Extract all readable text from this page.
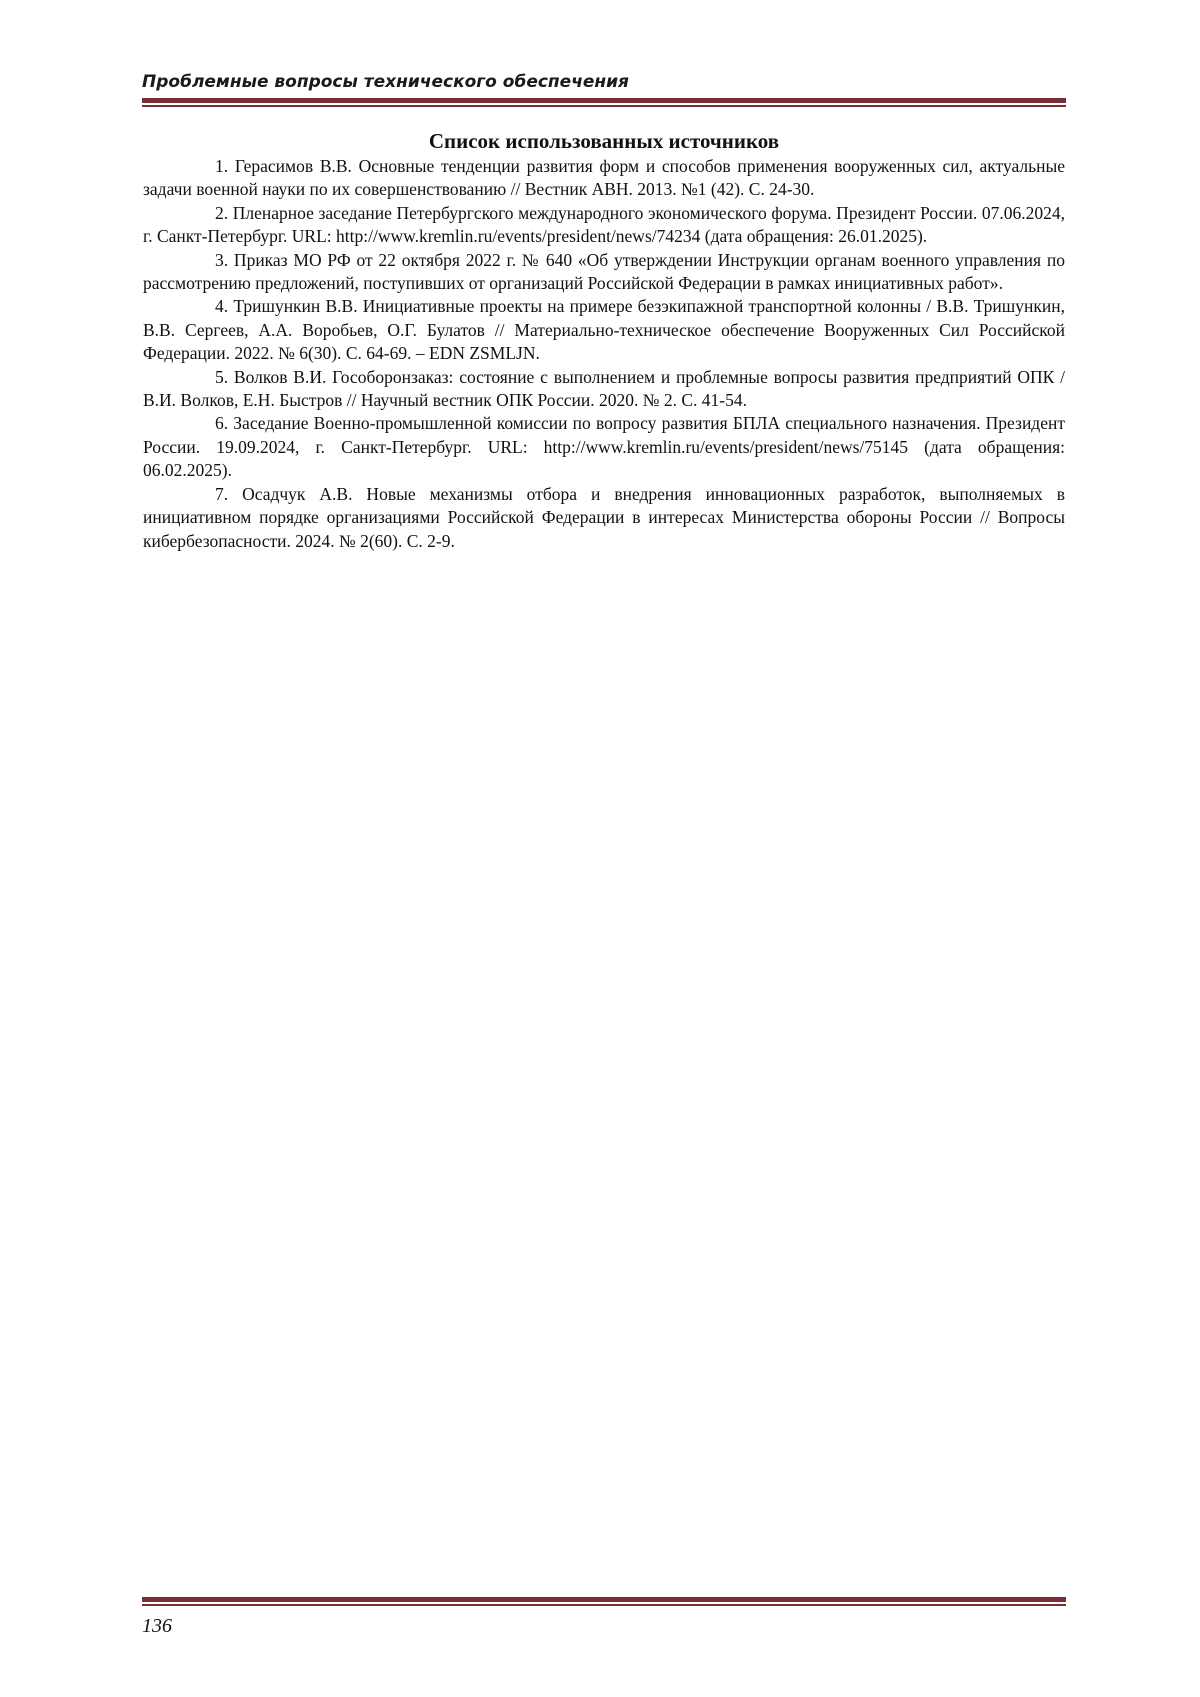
Проблемные вопросы технического обеспечения
Список использованных источников

1. Герасимов В.В. Основные тенденции развития форм и способов применения вооруженных сил, актуальные задачи военной науки по их совершенствованию // Вестник АВН. 2013. №1 (42). С. 24-30.

2. Пленарное заседание Петербургского международного экономического форума. Президент России. 07.06.2024, г. Санкт-Петербург. URL: http://www.kremlin.ru/events/president/news/74234 (дата обращения: 26.01.2025).

3. Приказ МО РФ от 22 октября 2022 г. № 640 «Об утверждении Инструкции органам военного управления по рассмотрению предложений, поступивших от организаций Российской Федерации в рамках инициативных работ».

4. Тришункин В.В. Инициативные проекты на примере безэкипажной транспортной колонны / В.В. Тришункин, В.В. Сергеев, А.А. Воробьев, О.Г. Булатов // Материально-техническое обеспечение Вооруженных Сил Российской Федерации. 2022. № 6(30). С. 64-69. – EDN ZSMLJN.

5. Волков В.И. Гособоронзаказ: состояние с выполнением и проблемные вопросы развития предприятий ОПК / В.И. Волков, Е.Н. Быстров // Научный вестник ОПК России. 2020. № 2. С. 41-54.

6. Заседание Военно-промышленной комиссии по вопросу развития БПЛА специального назначения. Президент России. 19.09.2024, г. Санкт-Петербург. URL: http://www.kremlin.ru/events/president/news/75145 (дата обращения: 06.02.2025).

7. Осадчук А.В. Новые механизмы отбора и внедрения инновационных разработок, выполняемых в инициативном порядке организациями Российской Федерации в интересах Министерства обороны России // Вопросы кибербезопасности. 2024. № 2(60). С. 2-9.

136
